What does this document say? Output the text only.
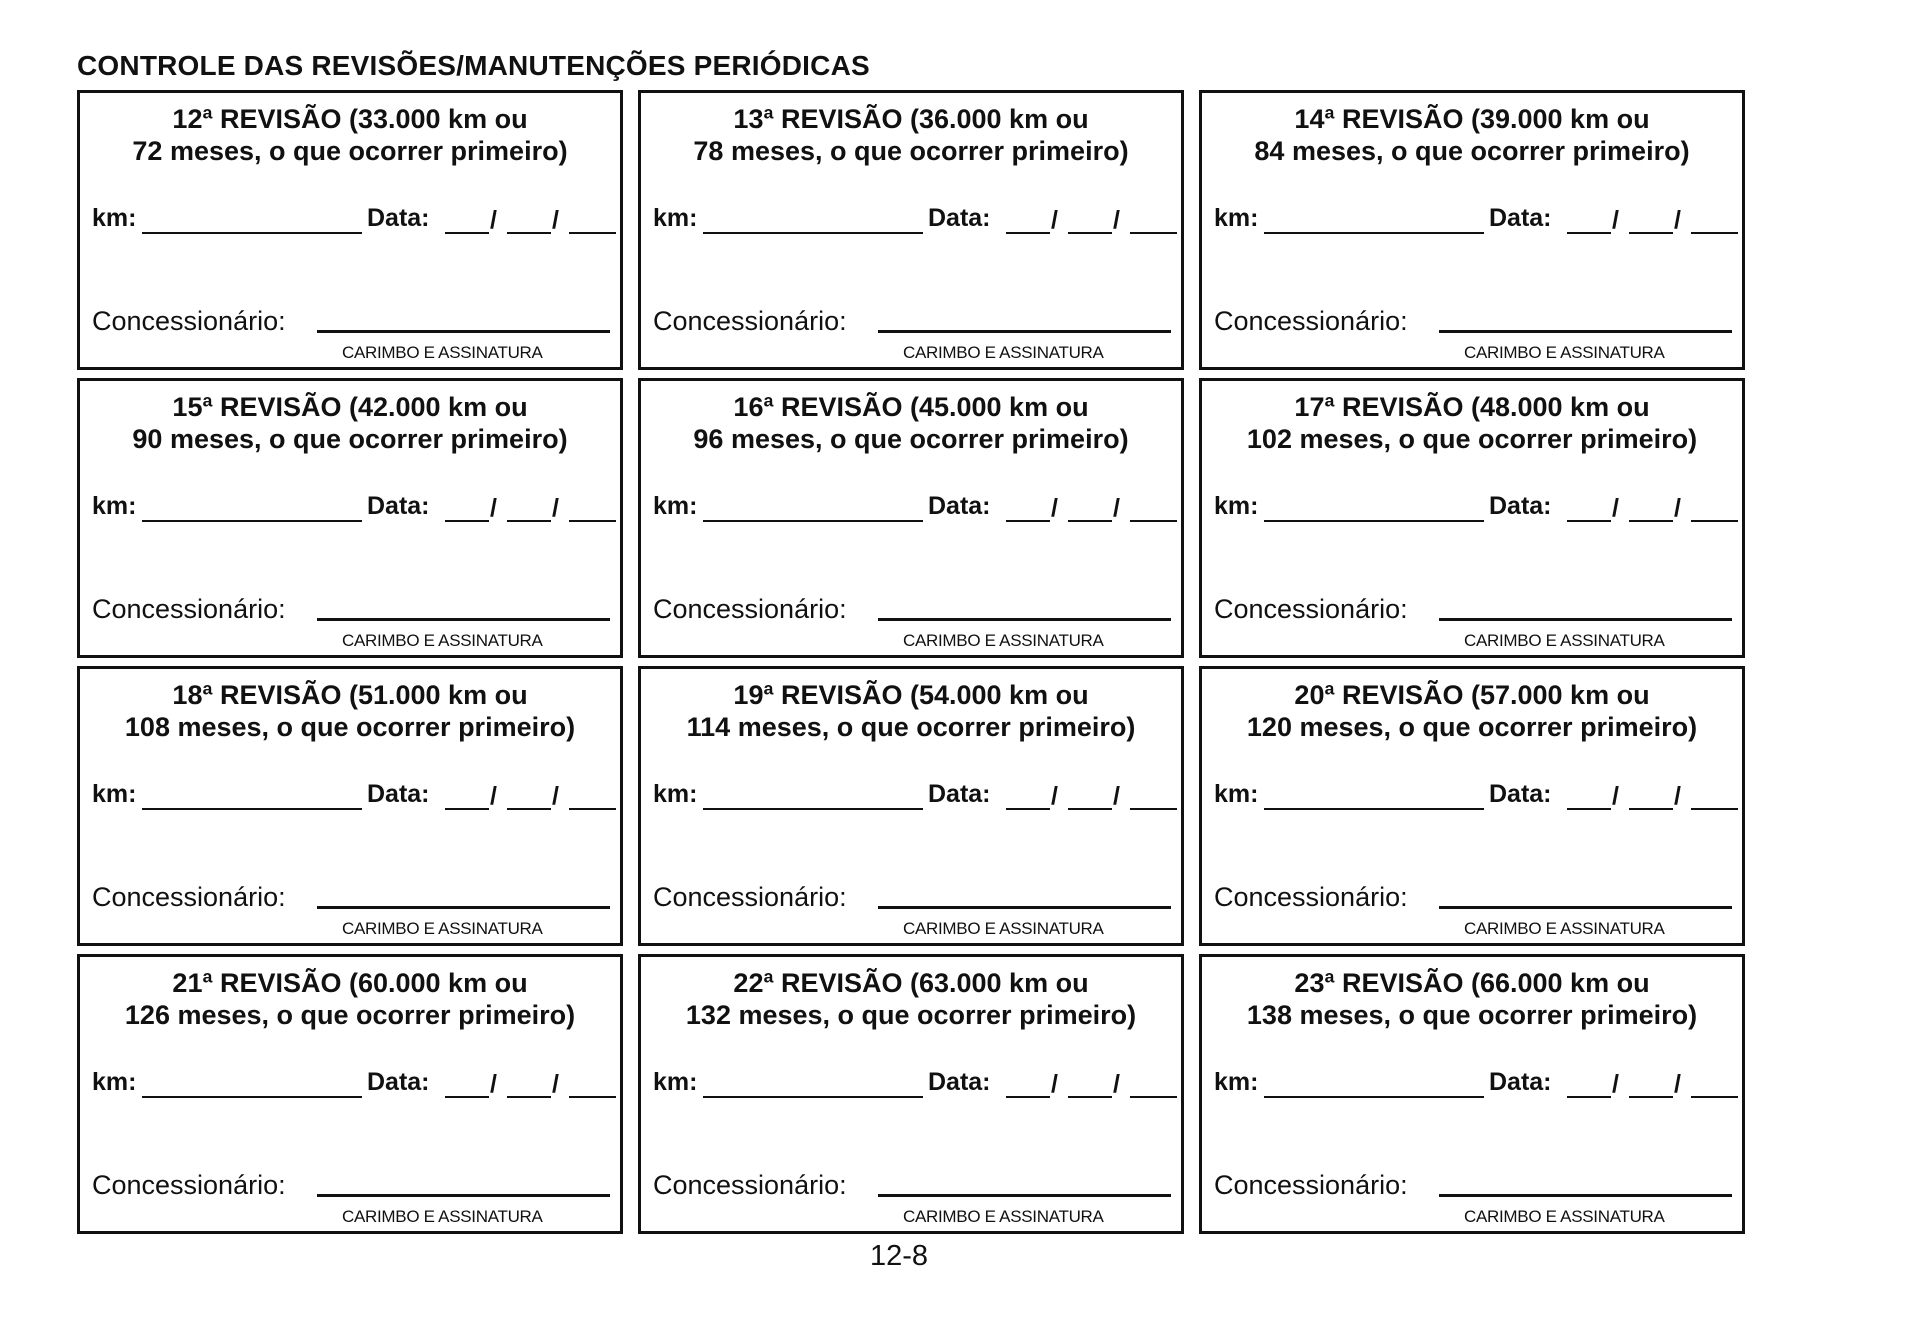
CONTROLE DAS REVISÕES/MANUTENÇÕES PERIÓDICAS
12ª REVISÃO (33.000 km ou
72 meses, o que ocorrer primeiro)
km:	Data: / /
Concessionário:
CARIMBO E ASSINATURA
13ª REVISÃO (36.000 km ou
78 meses, o que ocorrer primeiro)
km:	Data: / /
Concessionário:
CARIMBO E ASSINATURA
14ª REVISÃO (39.000 km ou
84 meses, o que ocorrer primeiro)
km:	Data: / /
Concessionário:
CARIMBO E ASSINATURA
15ª REVISÃO (42.000 km ou
90 meses, o que ocorrer primeiro)
km:	Data: / /
Concessionário:
CARIMBO E ASSINATURA
16ª REVISÃO (45.000 km ou
96 meses, o que ocorrer primeiro)
km:	Data: / /
Concessionário:
CARIMBO E ASSINATURA
17ª REVISÃO (48.000 km ou
102 meses, o que ocorrer primeiro)
km:	Data: / /
Concessionário:
CARIMBO E ASSINATURA
18ª REVISÃO (51.000 km ou
108 meses, o que ocorrer primeiro)
km:	Data: / /
Concessionário:
CARIMBO E ASSINATURA
19ª REVISÃO (54.000 km ou
114 meses, o que ocorrer primeiro)
km:	Data: / /
Concessionário:
CARIMBO E ASSINATURA
20ª REVISÃO (57.000 km ou
120 meses, o que ocorrer primeiro)
km:	Data: / /
Concessionário:
CARIMBO E ASSINATURA
21ª REVISÃO (60.000 km ou
126 meses, o que ocorrer primeiro)
km:	Data: / /
Concessionário:
CARIMBO E ASSINATURA
22ª REVISÃO (63.000 km ou
132 meses, o que ocorrer primeiro)
km:	Data: / /
Concessionário:
CARIMBO E ASSINATURA
23ª REVISÃO (66.000 km ou
138 meses, o que ocorrer primeiro)
km:	Data: / /
Concessionário:
CARIMBO E ASSINATURA
12-8
